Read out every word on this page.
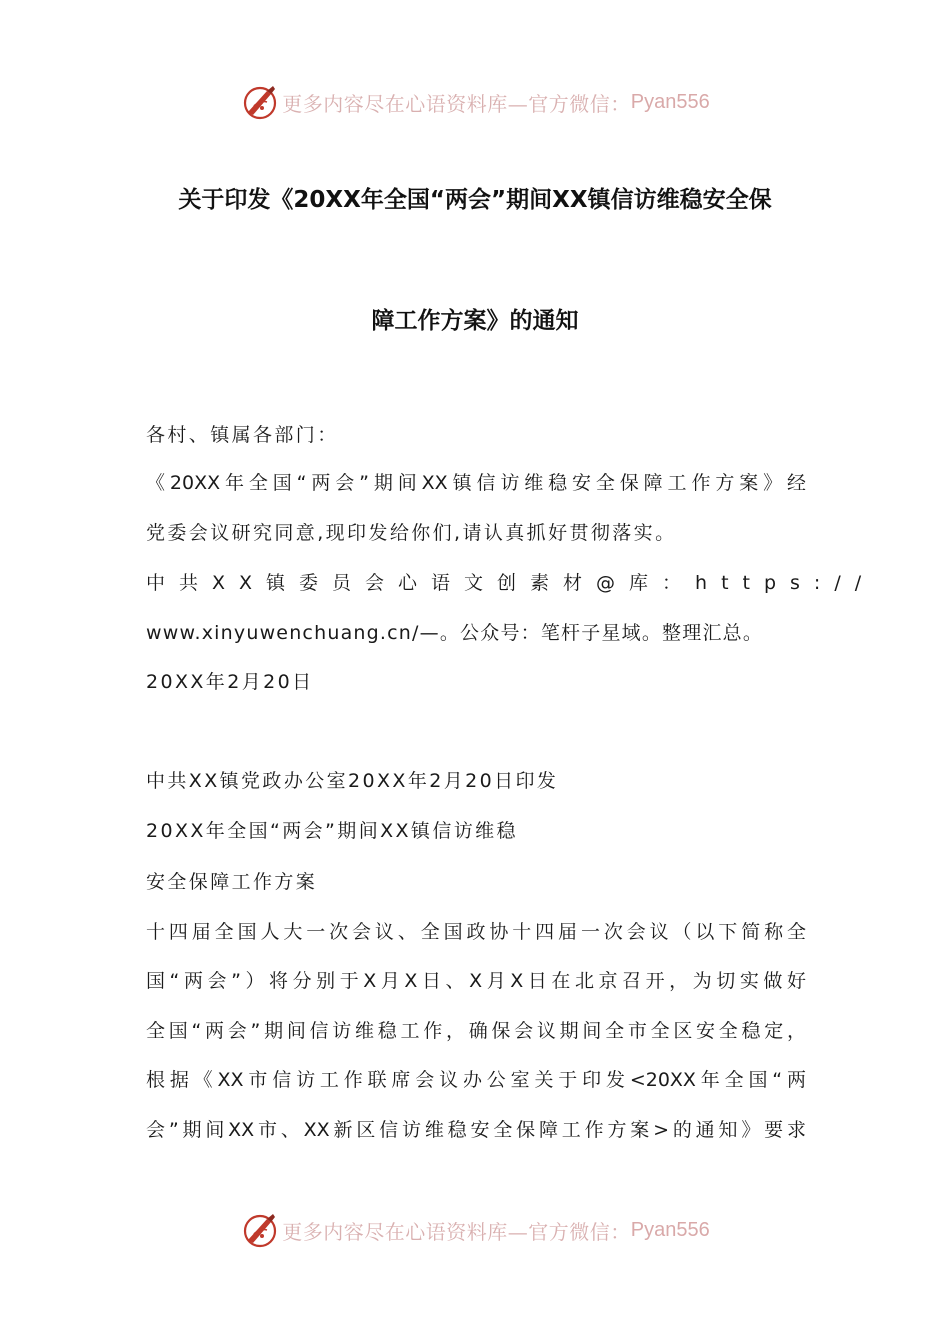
更多内容尽在心语资料库—官方微信： Pyan556
关于印发《20XX年全国“两会”期间XX镇信访维稳安全保
障工作方案》的通知
各村、镇属各部门：
《20XX年全国“两会”期间XX镇信访维稳安全保障工作方案》经
党委会议研究同意,现印发给你们,请认真抓好贯彻落实。
中共XX镇委员会心语文创素材@库：https://
www.xinyuwenchuang.cn/—。公众号：笔杆子星域。整理汇总。
20XX年2月20日
中共XX镇党政办公室20XX年2月20日印发
20XX年全国“两会”期间XX镇信访维稳
安全保障工作方案
十四届全国人大一次会议、全国政协十四届一次会议（以下简称全
国“两会”）将分别于X月X日、X月X日在北京召开，为切实做好
全国“两会”期间信访维稳工作，确保会议期间全市全区安全稳定，
根据《XX市信访工作联席会议办公室关于印发<20XX年全国“两
会”期间XX市、XX新区信访维稳安全保障工作方案>的通知》要求
更多内容尽在心语资料库—官方微信： Pyan556
